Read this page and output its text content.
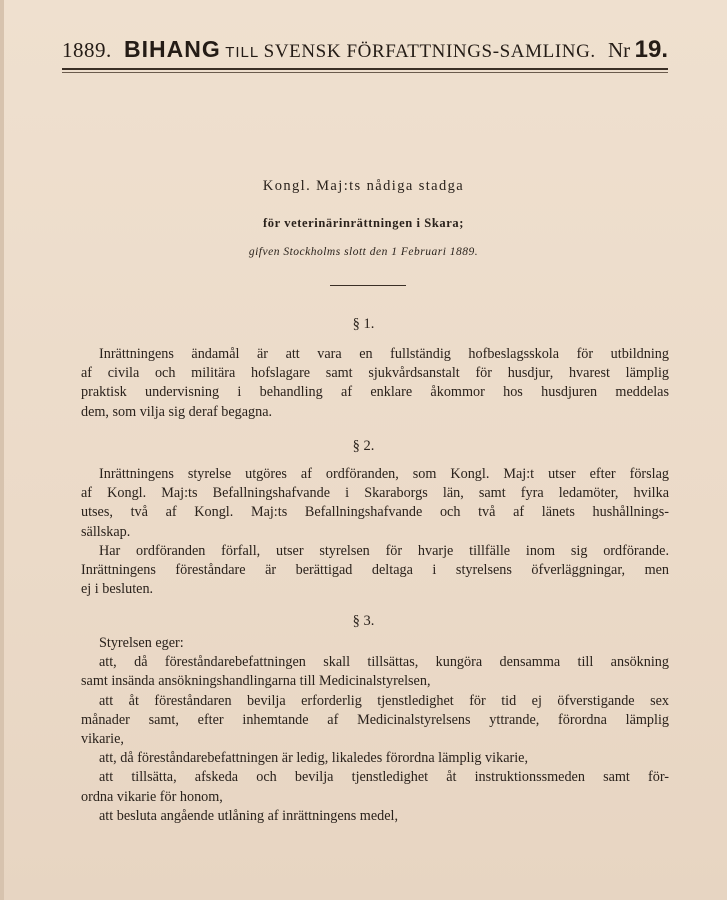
1889. BIHANG TILL SVENSK FÖRFATTNINGS-SAMLING. Nr 19.
Kongl. Maj:ts nådiga stadga
för veterinärinrättningen i Skara;
gifven Stockholms slott den 1 Februari 1889.
§ 1.
Inrättningens ändamål är att vara en fullständig hofbeslagsskola för utbildning
af civila och militära hofslagare samt sjukvårdsanstalt för husdjur, hvarest lämplig
praktisk undervisning i behandling af enklare åkommor hos husdjuren meddelas
dem, som vilja sig deraf begagna.
§ 2.
Inrättningens styrelse utgöres af ordföranden, som Kongl. Maj:t utser efter förslag
af Kongl. Maj:ts Befallningshafvande i Skaraborgs län, samt fyra ledamöter, hvilka
utses, två af Kongl. Maj:ts Befallningshafvande och två af länets hushållnings-
sällskap.
Har ordföranden förfall, utser styrelsen för hvarje tillfälle inom sig ordförande.
Inrättningens föreståndare är berättigad deltaga i styrelsens öfverläggningar, men
ej i besluten.
§ 3.
Styrelsen eger:
att, då föreståndarebefattningen skall tillsättas, kungöra densamma till ansökning
samt insända ansökningshandlingarna till Medicinalstyrelsen,
att åt föreståndaren bevilja erforderlig tjenstledighet för tid ej öfverstigande sex
månader samt, efter inhemtande af Medicinalstyrelsens yttrande, förordna lämplig
vikarie,
att, då föreståndarebefattningen är ledig, likaledes förordna lämplig vikarie,
att tillsätta, afskeda och bevilja tjenstledighet åt instruktionssmeden samt för-
ordna vikarie för honom,
att besluta angående utlåning af inrättningens medel,
